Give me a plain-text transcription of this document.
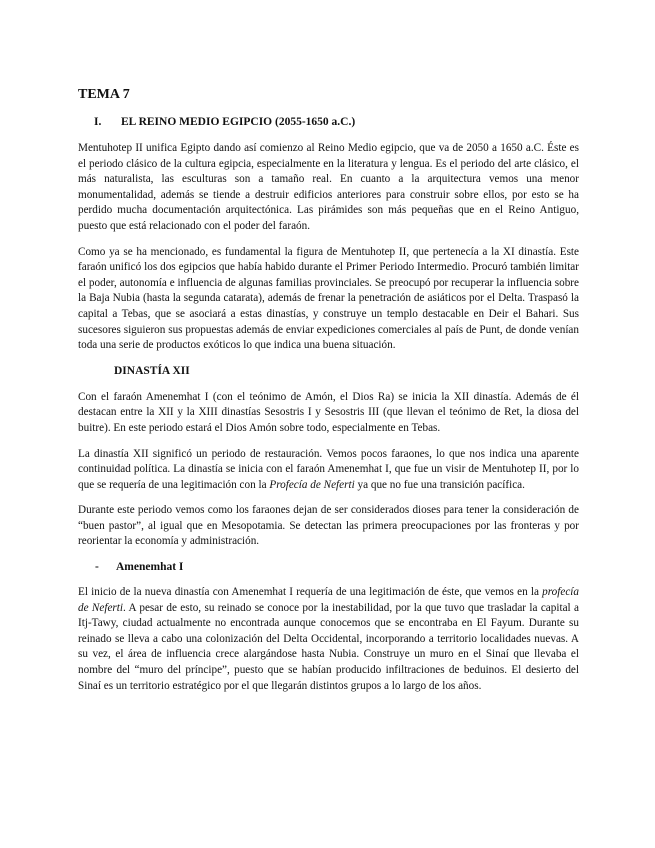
TEMA 7
I.	EL REINO MEDIO EGIPCIO (2055-1650 a.C.)

Mentuhotep II unifica Egipto dando así comienzo al Reino Medio egipcio, que va de 2050 a 1650 a.C. Éste es el periodo clásico de la cultura egipcia, especialmente en la literatura y lengua. Es el periodo del arte clásico, el más naturalista, las esculturas son a tamaño real. En cuanto a la arquitectura vemos una menor monumentalidad, además se tiende a destruir edificios anteriores para construir sobre ellos, por esto se ha perdido mucha documentación arquitectónica. Las pirámides son más pequeñas que en el Reino Antiguo, puesto que está relacionado con el poder del faraón.

Como ya se ha mencionado, es fundamental la figura de Mentuhotep II, que pertenecía a la XI dinastía. Este faraón unificó los dos egipcios que había habido durante el Primer Periodo Intermedio. Procuró también limitar el poder, autonomía e influencia de algunas familias provinciales. Se preocupó por recuperar la influencia sobre la Baja Nubia (hasta la segunda catarata), además de frenar la penetración de asiáticos por el Delta. Traspasó la capital a Tebas, que se asociará a estas dinastías, y construye un templo destacable en Deir el Bahari. Sus sucesores siguieron sus propuestas además de enviar expediciones comerciales al país de Punt, de donde venían toda una serie de productos exóticos lo que indica una buena situación.

DINASTÍA XII

Con el faraón Amenemhat I (con el teónimo de Amón, el Dios Ra) se inicia la XII dinastía. Además de él destacan entre la XII y la XIII dinastías Sesostris I y Sesostris III (que llevan el teónimo de Ret, la diosa del buitre). En este periodo estará el Dios Amón sobre todo, especialmente en Tebas.

La dinastía XII significó un periodo de restauración. Vemos pocos faraones, lo que nos indica una aparente continuidad política. La dinastía se inicia con el faraón Amenemhat I, que fue un visir de Mentuhotep II, por lo que se requería de una legitimación con la Profecía de Neferti ya que no fue una transición pacífica.

Durante este periodo vemos como los faraones dejan de ser considerados dioses para tener la consideración de “buen pastor”, al igual que en Mesopotamia. Se detectan las primera preocupaciones por las fronteras y por reorientar la economía y administración.

-	Amenemhat I

El inicio de la nueva dinastía con Amenemhat I requería de una legitimación de éste, que vemos en la profecía de Neferti. A pesar de esto, su reinado se conoce por la inestabilidad, por la que tuvo que trasladar la capital a Itj-Tawy, ciudad actualmente no encontrada aunque conocemos que se encontraba en El Fayum. Durante su reinado se lleva a cabo una colonización del Delta Occidental, incorporando a territorio localidades nuevas. A su vez, el área de influencia crece alargándose hasta Nubia. Construye un muro en el Sinaí que llevaba el nombre del “muro del príncipe”, puesto que se habían producido infiltraciones de beduinos. El desierto del Sinaí es un territorio estratégico por el que llegarán distintos grupos a lo largo de los años.
